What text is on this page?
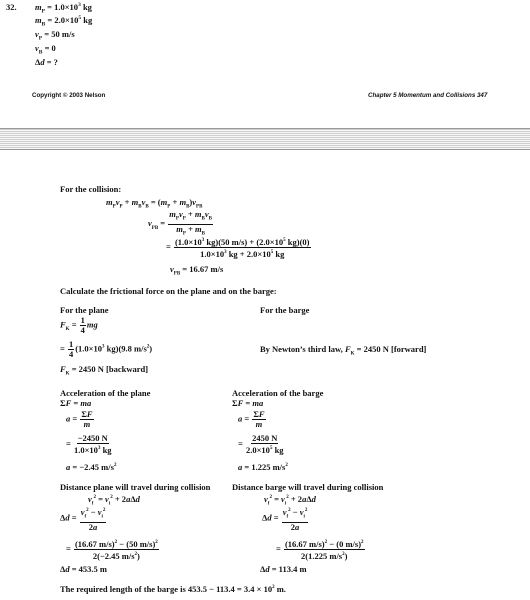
32. $m_P = 1.0\times 10^3$ kg
$m_B = 2.0\times 10^5$ kg
$v_P = 50$ m/s
$v_B = 0$
Δd = ?
Copyright © 2003 Nelson	Chapter 5 Momentum and Collisions 347
For the collision:
$m_Pv_P + m_Bv_B = (m_P + m_B)v_{PB}$
$v_{PB} = \frac{m_Pv_P + m_Bv_B}{m_P + m_B}$
= $\frac{(1.0\times 10^3 kg)(50 m/s) + (2.0\times 10^5 kg)(0)}{1.0\times 10^3 kg + 2.0\times 10^5 kg}$
$v_{PB} = 16.67$ m/s
Calculate the frictional force on the plane and on the barge:
For the plane	For the barge
$F_K = \frac{1}{4}$ mg
= $\frac{1}{4} (1.0\times 10^3$ kg)(9.8 $m/s^2$)	By Newton’s third law, $F_K = 2450$ N [forward]
$F_K = 2450$ N [backward]
Acceleration of the plane
ΣF = ma
$a = \frac{\Sigma F}{m}$
= $\frac{-2450 N}{1.0\times 10^3 kg}$
a = −2.45 $m/s^2$
Acceleration of the barge
ΣF = ma
$a = \frac{\Sigma F}{m}$
= $\frac{2450 N}{2.0\times 10^5 kg}$
a = 1.225 $m/s^2$
Distance plane will travel during collision
$v_f^2 = v_i^2 + 2a\Delta d$
$\Delta d = \frac{v_f^2 - v_i^2}{2a}$
= $\frac{(16.67 m/s)^2 - (50 m/s)^2}{2(-2.45 m/s^2)}$
Δd = 453.5 m
Distance barge will travel during collision
$v_f^2 = v_i^2 + 2a\Delta d$
$\Delta d = \frac{v_f^2 - v_i^2}{2a}$
= $\frac{(16.67 m/s)^2 - (0 m/s)^2}{2(1.225 m/s^2)}$
Δd = 113.4 m
The required length of the barge is $453.5 - 113.4 = 3.4 \times 10^2$ m.
